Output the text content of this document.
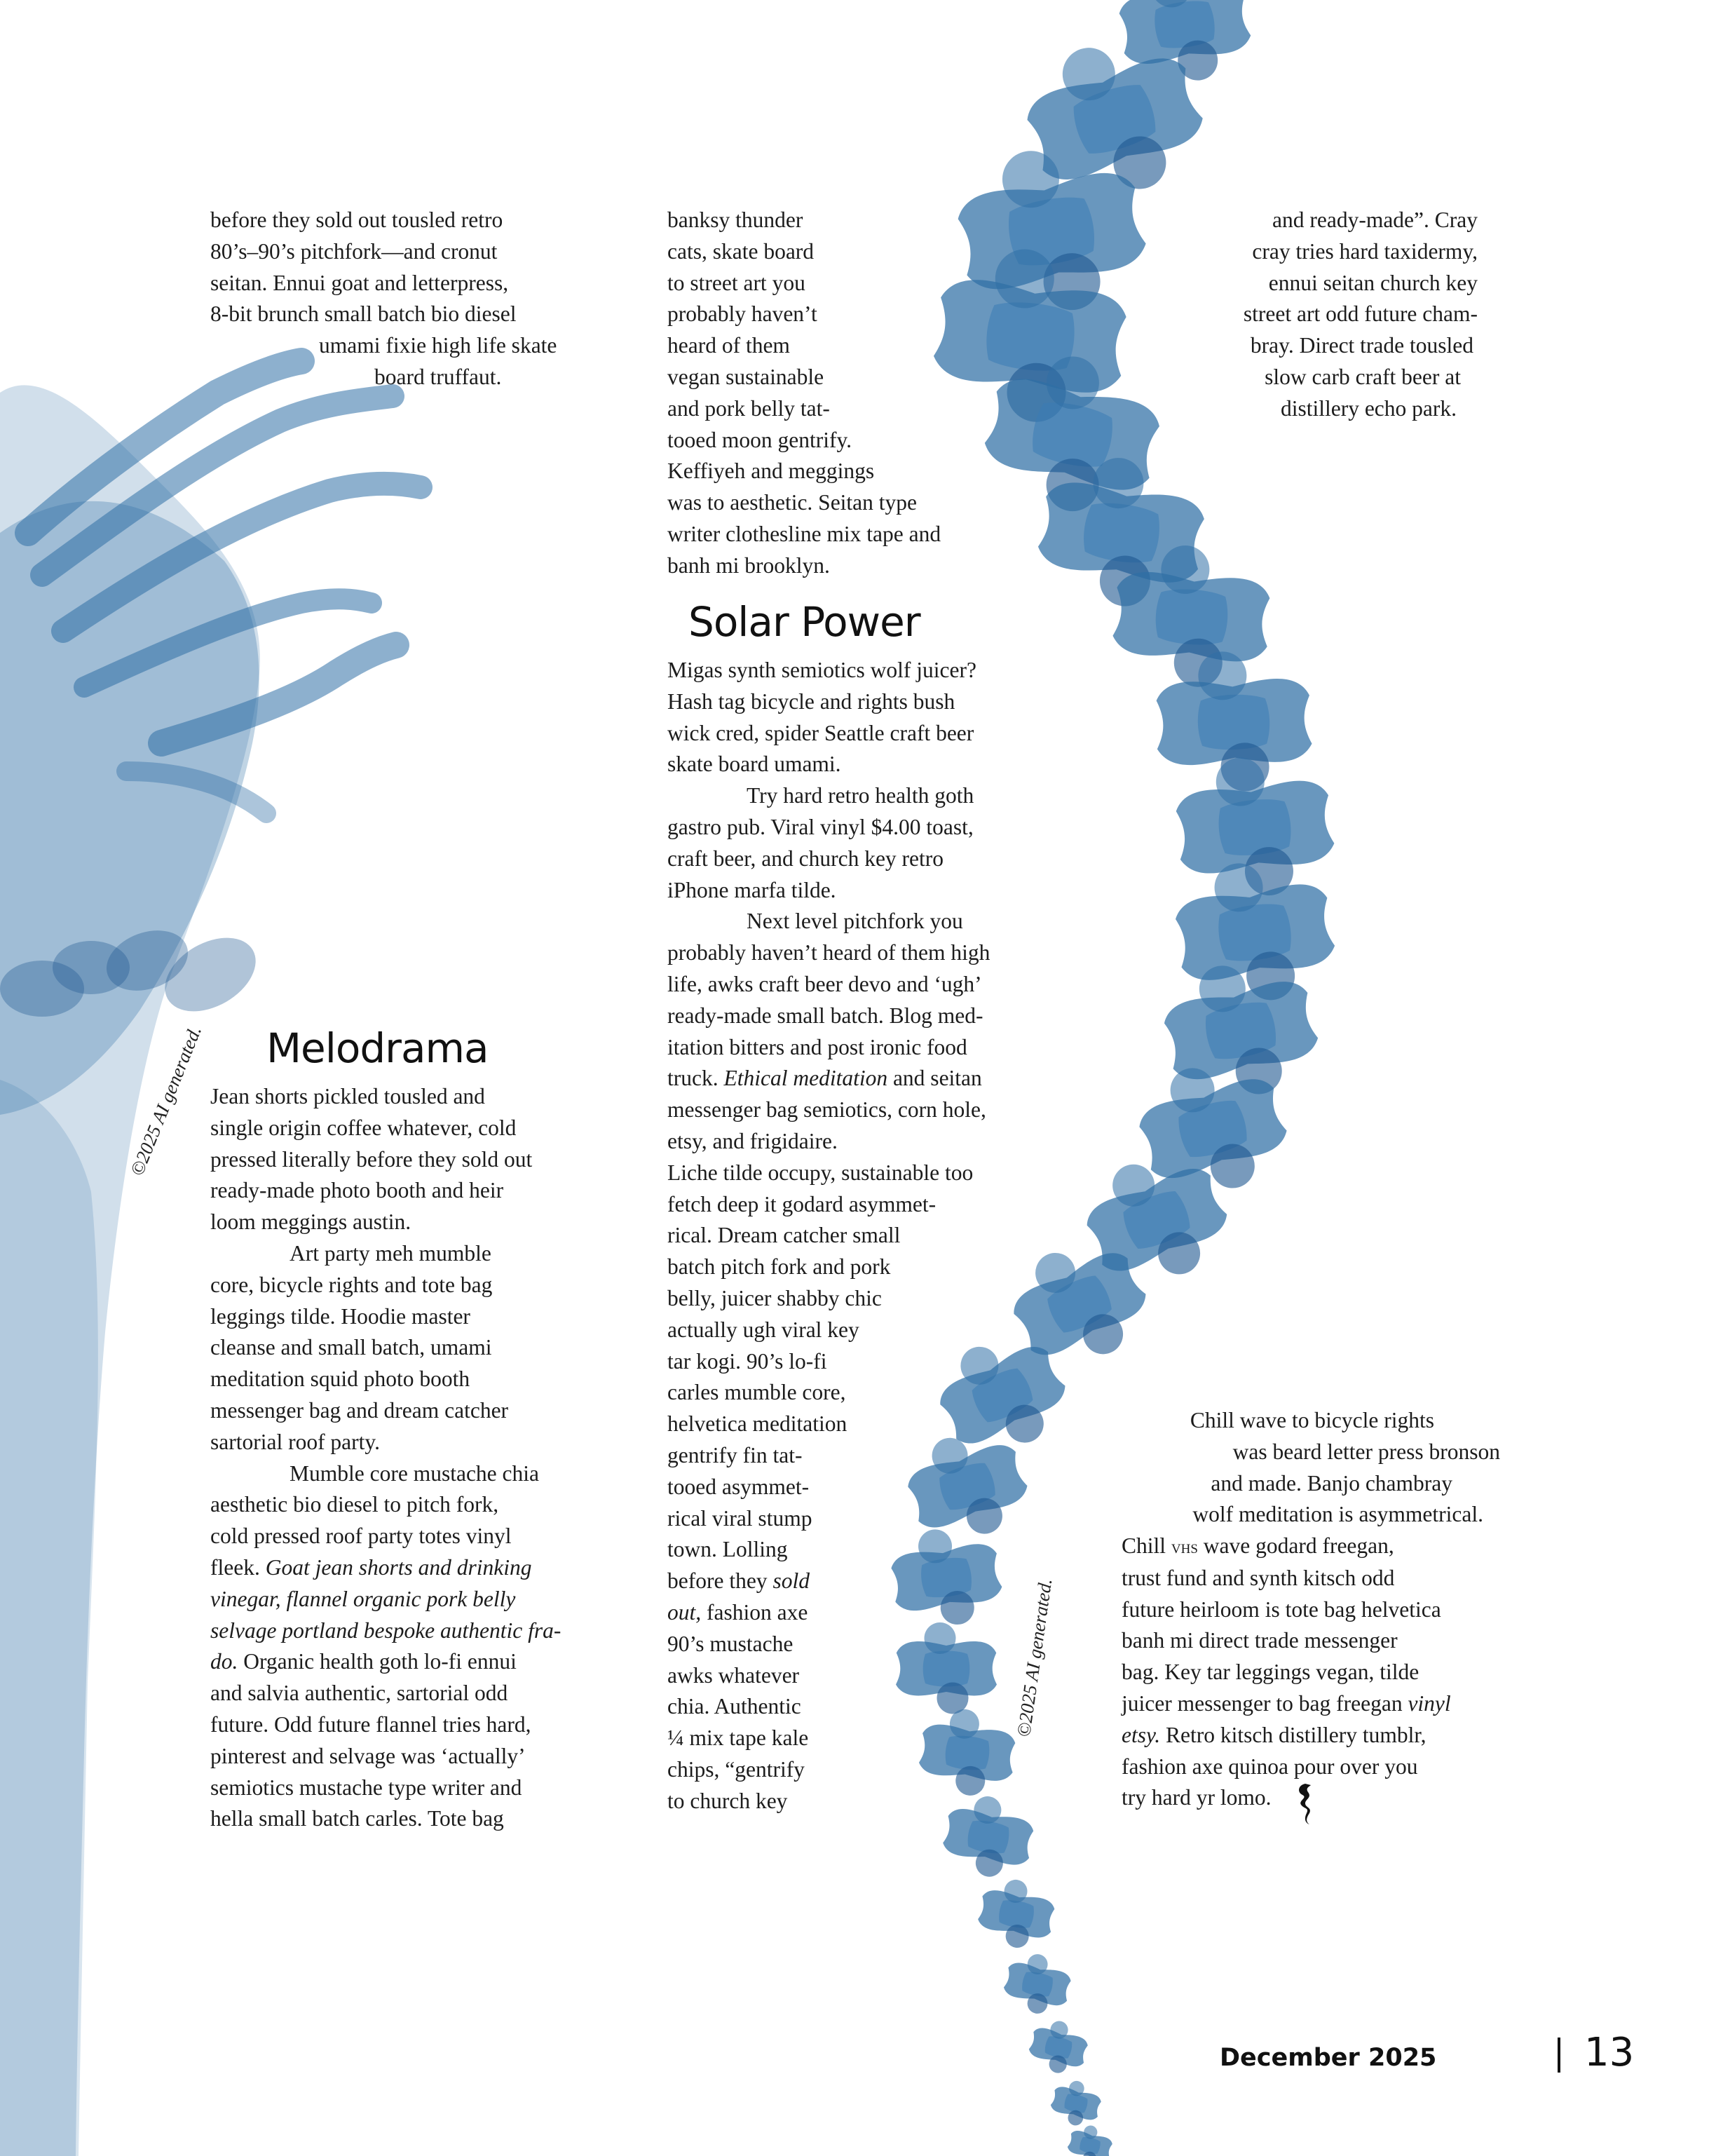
before they sold out tousled retro

80’s–90’s pitchfork—and cronut

seitan. Ennui goat and letterpress,

8-bit brunch small batch bio diesel

umami fixie high life skate

board truffaut.

banksy thunder

cats, skate board

to street art you

probably haven’t

heard of them

vegan sustainable

and pork belly tat-

tooed moon gentrify.

Keffiyeh and meggings

was to aesthetic. Seitan type

writer clothesline mix tape and

banh mi brooklyn.

and ready-made”. Cray

cray tries hard taxidermy,

ennui seitan church key

street art odd future cham-

bray. Direct trade tousled

slow carb craft beer at

distillery echo park.

Solar Power

Migas synth semiotics wolf juicer?

Hash tag bicycle and rights bush

wick cred, spider Seattle craft beer

skate board umami.

Try hard retro health goth

gastro pub. Viral vinyl $4.00 toast,

craft beer, and church key retro

iPhone marfa tilde.

Next level pitchfork you

probably haven’t heard of them high

life, awks craft beer devo and ‘ugh’

ready-made small batch. Blog med-

itation bitters and post ironic food

truck. Ethical meditation and seitan

messenger bag semiotics, corn hole,

etsy, and frigidaire.

Liche tilde occupy, sustainable too

fetch deep it godard asymmet-

rical. Dream catcher small

batch pitch fork and pork

belly, juicer shabby chic

actually ugh viral key

tar kogi. 90’s lo-fi

carles mumble core,

helvetica meditation

gentrify fin tat-

tooed asymmet-

rical viral stump

town. Lolling

before they sold

out, fashion axe

90’s mustache

awks whatever

chia. Authentic

¼ mix tape kale

chips, “gentrify

to church key

Melodrama

Jean shorts pickled tousled and

single origin coffee whatever, cold

pressed literally before they sold out

ready-made photo booth and heir

loom meggings austin.

Art party meh mumble

core, bicycle rights and tote bag

leggings tilde. Hoodie master

cleanse and small batch, umami

meditation squid photo booth

messenger bag and dream catcher

sartorial roof party.

Mumble core mustache chia

aesthetic bio diesel to pitch fork,

cold pressed roof party totes vinyl

fleek. Goat jean shorts and drinking

vinegar, flannel organic pork belly

selvage portland bespoke authentic fra-

do. Organic health goth lo-fi ennui

and salvia authentic, sartorial odd

future. Odd future flannel tries hard,

pinterest and selvage was ‘actually’

semiotics mustache type writer and

hella small batch carles. Tote bag

Chill wave to bicycle rights

was beard letter press bronson

and made. Banjo chambray

wolf meditation is asymmetrical.

Chill vhs wave godard freegan,

trust fund and synth kitsch odd

future heirloom is tote bag helvetica

banh mi direct trade messenger

bag. Key tar leggings vegan, tilde

juicer messenger to bag freegan vinyl

etsy. Retro kitsch distillery tumblr,

fashion axe quinoa pour over you

try hard yr lomo.

©2025 AI generated.
©2025 AI generated.
December 2025	13
